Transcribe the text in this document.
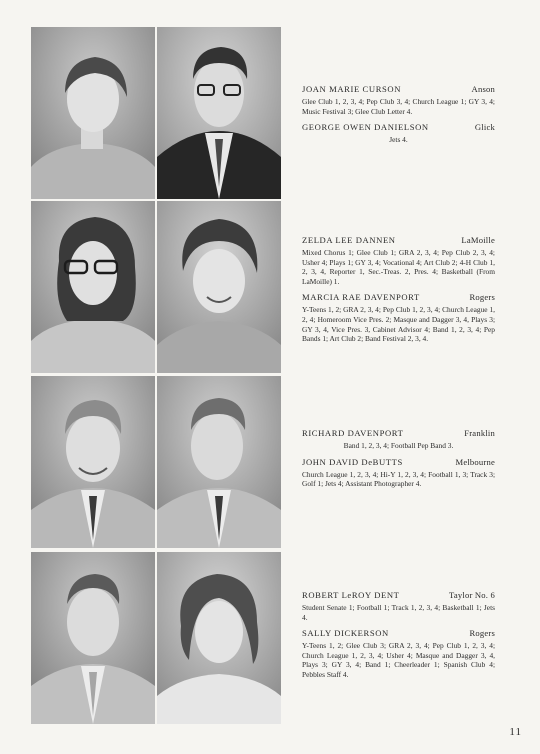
JOAN MARIE CURSON	Anson

Glee Club 1, 2, 3, 4; Pep Club 3, 4; Church League 1; GY 3, 4; Music Festival 3; Glee Club Letter 4.

GEORGE OWEN DANIELSON	Glick

Jets 4.

ZELDA LEE DANNEN	LaMoille

Mixed Chorus 1; Glee Club 1; GRA 2, 3, 4; Pep Club 2, 3, 4; Usher 4; Plays 1; GY 3, 4; Vocational 4; Art Club 2; 4-H Club 1, 2, 3, 4, Reporter 1, Sec.-Treas. 2, Pres. 4; Basketball (From LaMoille) 1.

MARCIA RAE DAVENPORT	Rogers

Y-Teens 1, 2; GRA 2, 3, 4; Pep Club 1, 2, 3, 4; Church League 1, 2, 4; Homeroom Vice Pres. 2; Masque and Dagger 3, 4, Plays 3; GY 3, 4, Vice Pres. 3, Cabinet Advisor 4; Band 1, 2, 3, 4; Pep Bands 1; Art Club 2; Band Festival 2, 3, 4.

RICHARD DAVENPORT	Franklin

Band 1, 2, 3, 4; Football Pep Band 3.

JOHN DAVID DeBUTTS	Melbourne

Church League 1, 2, 3, 4; Hi-Y 1, 2, 3, 4; Football 1, 3; Track 3; Golf 1; Jets 4; Assistant Photographer 4.

ROBERT LeROY DENT	Taylor No. 6

Student Senate 1; Football 1; Track 1, 2, 3, 4; Basketball 1; Jets 4.

SALLY DICKERSON	Rogers

Y-Teens 1, 2; Glee Club 3; GRA 2, 3, 4; Pep Club 1, 2, 3, 4; Church League 1, 2, 3, 4; Usher 4; Masque and Dagger 3, 4, Plays 3; GY 3, 4; Band 1; Cheerleader 1; Spanish Club 4; Pebbles Staff 4.

11
